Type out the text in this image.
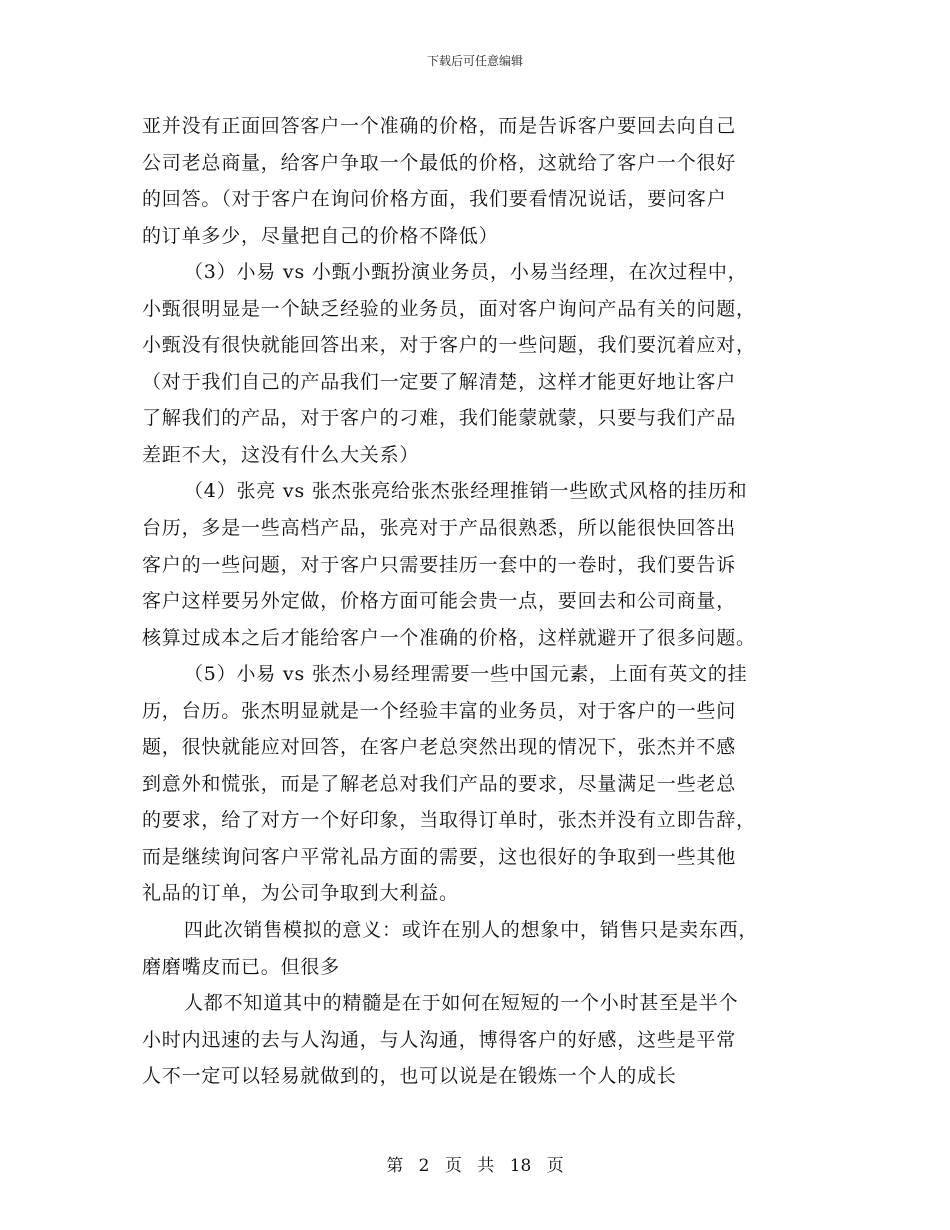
下载后可任意编辑
亚并没有正面回答客户一个准确的价格，而是告诉客户要回去向自己
公司老总商量，给客户争取一个最低的价格，这就给了客户一个很好
的回答。（对于客户在询问价格方面，我们要看情况说话，要问客户
的订单多少，尽量把自己的价格不降低）
（3）小易 vs 小甄小甄扮演业务员，小易当经理，在次过程中，
小甄很明显是一个缺乏经验的业务员，面对客户询问产品有关的问题，
小甄没有很快就能回答出来，对于客户的一些问题，我们要沉着应对，
（对于我们自己的产品我们一定要了解清楚，这样才能更好地让客户
了解我们的产品，对于客户的刁难，我们能蒙就蒙，只要与我们产品
差距不大，这没有什么大关系）
（4）张亮 vs 张杰张亮给张杰张经理推销一些欧式风格的挂历和
台历，多是一些高档产品，张亮对于产品很熟悉，所以能很快回答出
客户的一些问题，对于客户只需要挂历一套中的一卷时，我们要告诉
客户这样要另外定做，价格方面可能会贵一点，要回去和公司商量，
核算过成本之后才能给客户一个准确的价格，这样就避开了很多问题。
（5）小易 vs 张杰小易经理需要一些中国元素，上面有英文的挂
历，台历。张杰明显就是一个经验丰富的业务员，对于客户的一些问
题，很快就能应对回答，在客户老总突然出现的情况下，张杰并不感
到意外和慌张，而是了解老总对我们产品的要求，尽量满足一些老总
的要求，给了对方一个好印象，当取得订单时，张杰并没有立即告辞，
而是继续询问客户平常礼品方面的需要，这也很好的争取到一些其他
礼品的订单，为公司争取到大利益。
四此次销售模拟的意义：或许在别人的想象中，销售只是卖东西，
磨磨嘴皮而已。但很多
人都不知道其中的精髓是在于如何在短短的一个小时甚至是半个
小时内迅速的去与人沟通，与人沟通，博得客户的好感，这些是平常
人不一定可以轻易就做到的，也可以说是在锻炼一个人的成长
第 2 页 共 18 页
